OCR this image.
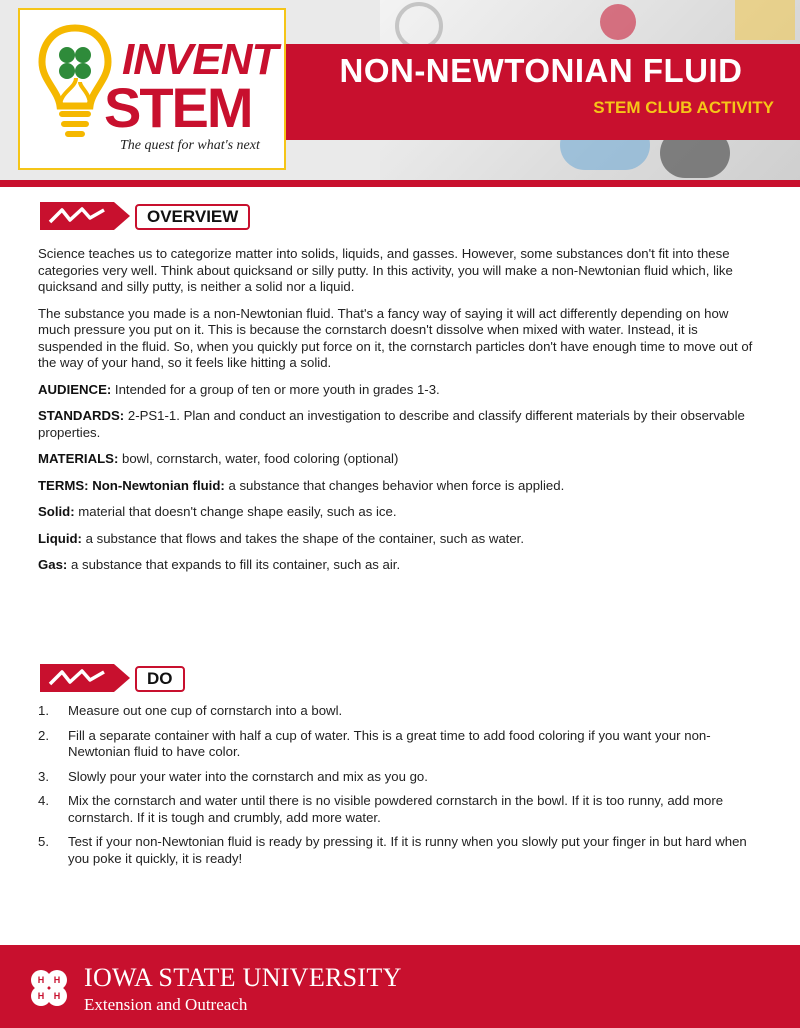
NON-NEWTONIAN FLUID
STEM CLUB ACTIVITY
INVENT
STEM
The quest for what's next
OVERVIEW

Science teaches us to categorize matter into solids, liquids, and gasses. However, some substances don't fit into these categories very well. Think about quicksand or silly putty. In this activity, you will make a non-Newtonian fluid which, like quicksand and silly putty, is neither a solid nor a liquid.

The substance you made is a non-Newtonian fluid. That's a fancy way of saying it will act differently depending on how much pressure you put on it. This is because the cornstarch doesn't dissolve when mixed with water. Instead, it is suspended in the fluid. So, when you quickly put force on it, the cornstarch particles don't have enough time to move out of the way of your hand, so it feels like hitting a solid.

AUDIENCE: Intended for a group of ten or more youth in grades 1-3.

STANDARDS: 2-PS1-1. Plan and conduct an investigation to describe and classify different materials by their observable properties.

MATERIALS: bowl, cornstarch, water, food coloring (optional)

TERMS: Non-Newtonian fluid: a substance that changes behavior when force is applied.

Solid: material that doesn't change shape easily, such as ice.

Liquid: a substance that flows and takes the shape of the container, such as water.

Gas: a substance that expands to fill its container, such as air.

DO
1. Measure out one cup of cornstarch into a bowl.
2. Fill a separate container with half a cup of water. This is a great time to add food coloring if you want your non-Newtonian fluid to have color.
3. Slowly pour your water into the cornstarch and mix as you go.
4. Mix the cornstarch and water until there is no visible powdered cornstarch in the bowl. If it is too runny, add more cornstarch. If it is tough and crumbly, add more water.
5. Test if your non-Newtonian fluid is ready by pressing it. If it is runny when you slowly put your finger in but hard when you poke it quickly, it is ready!
H H
H H
IOWA STATE UNIVERSITY
Extension and Outreach
